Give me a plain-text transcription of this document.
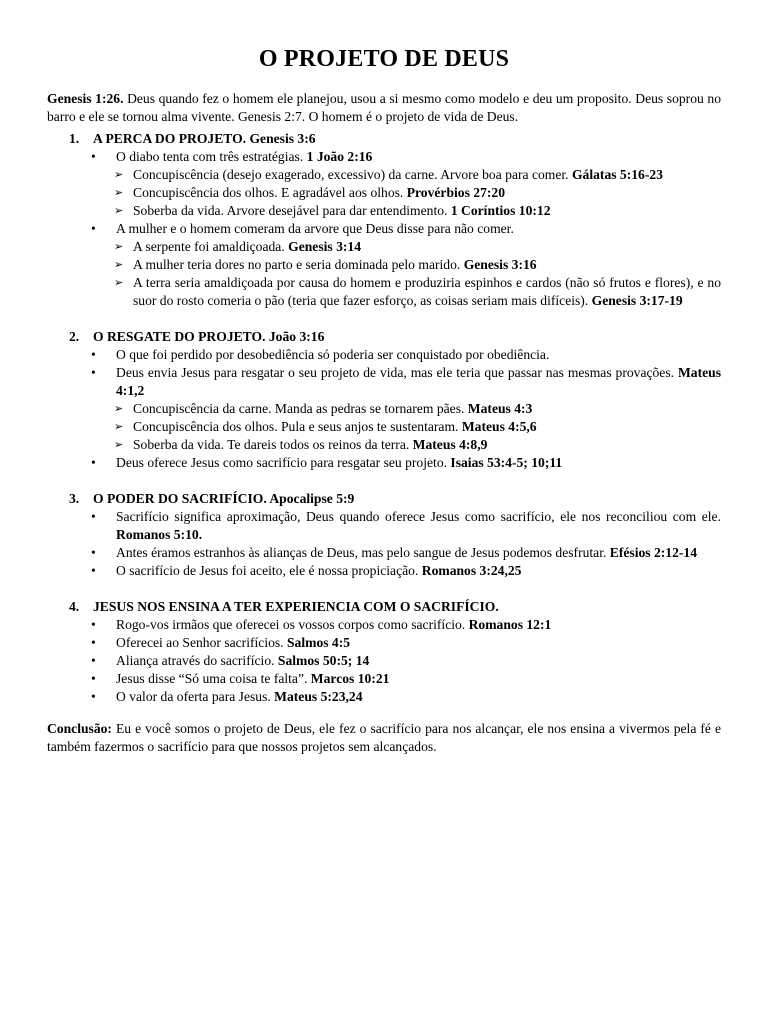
O PROJETO DE DEUS

Genesis 1:26. Deus quando fez o homem ele planejou, usou a si mesmo como modelo e deu um proposito. Deus soprou no barro e ele se tornou alma vivente. Genesis 2:7. O homem é o projeto de vida de Deus.

1.	A PERCA DO PROJETO. Genesis 3:6
•	O diabo tenta com três estratégias. 1 João 2:16
➢ Concupiscência (desejo exagerado, excessivo) da carne. Arvore boa para comer. Gálatas 5:16-23
➢ Concupiscência dos olhos. E agradável aos olhos. Provérbios 27:20
➢ Soberba da vida. Arvore desejável para dar entendimento. 1 Coríntios 10:12
•	A mulher e o homem comeram da arvore que Deus disse para não comer.
➢ A serpente foi amaldiçoada. Genesis 3:14
➢ A mulher teria dores no parto e seria dominada pelo marido. Genesis 3:16
➢ A terra seria amaldiçoada por causa do homem e produziria espinhos e cardos (não só frutos e flores), e no suor do rosto comeria o pão (teria que fazer esforço, as coisas seriam mais difíceis). Genesis 3:17-19
2.	O RESGATE DO PROJETO. João 3:16
•	O que foi perdido por desobediência só poderia ser conquistado por obediência.
•	Deus envia Jesus para resgatar o seu projeto de vida, mas ele teria que passar nas mesmas provações. Mateus 4:1,2
➢ Concupiscência da carne. Manda as pedras se tornarem pães. Mateus 4:3
➢ Concupiscência dos olhos. Pula e seus anjos te sustentaram. Mateus 4:5,6
➢ Soberba da vida. Te dareis todos os reinos da terra. Mateus 4:8,9
•	Deus oferece Jesus como sacrifício para resgatar seu projeto. Isaias 53:4-5; 10;11
3.	O PODER DO SACRIFÍCIO. Apocalipse 5:9
•	Sacrifício significa aproximação, Deus quando oferece Jesus como sacrifício, ele nos reconciliou com ele. Romanos 5:10.
•	Antes éramos estranhos às alianças de Deus, mas pelo sangue de Jesus podemos desfrutar. Efésios 2:12-14
•	O sacrifício de Jesus foi aceito, ele é nossa propiciação. Romanos 3:24,25
4.	JESUS NOS ENSINA A TER EXPERIENCIA COM O SACRIFÍCIO.
•	Rogo-vos irmãos que oferecei os vossos corpos como sacrifício. Romanos 12:1
•	Oferecei ao Senhor sacrifícios. Salmos 4:5
•	Aliança através do sacrifício. Salmos 50:5; 14
•	Jesus disse “Só uma coisa te falta”. Marcos 10:21
•	O valor da oferta para Jesus. Mateus 5:23,24

Conclusão: Eu e você somos o projeto de Deus, ele fez o sacrifício para nos alcançar, ele nos ensina a vivermos pela fé e também fazermos o sacrifício para que nossos projetos sem alcançados.
